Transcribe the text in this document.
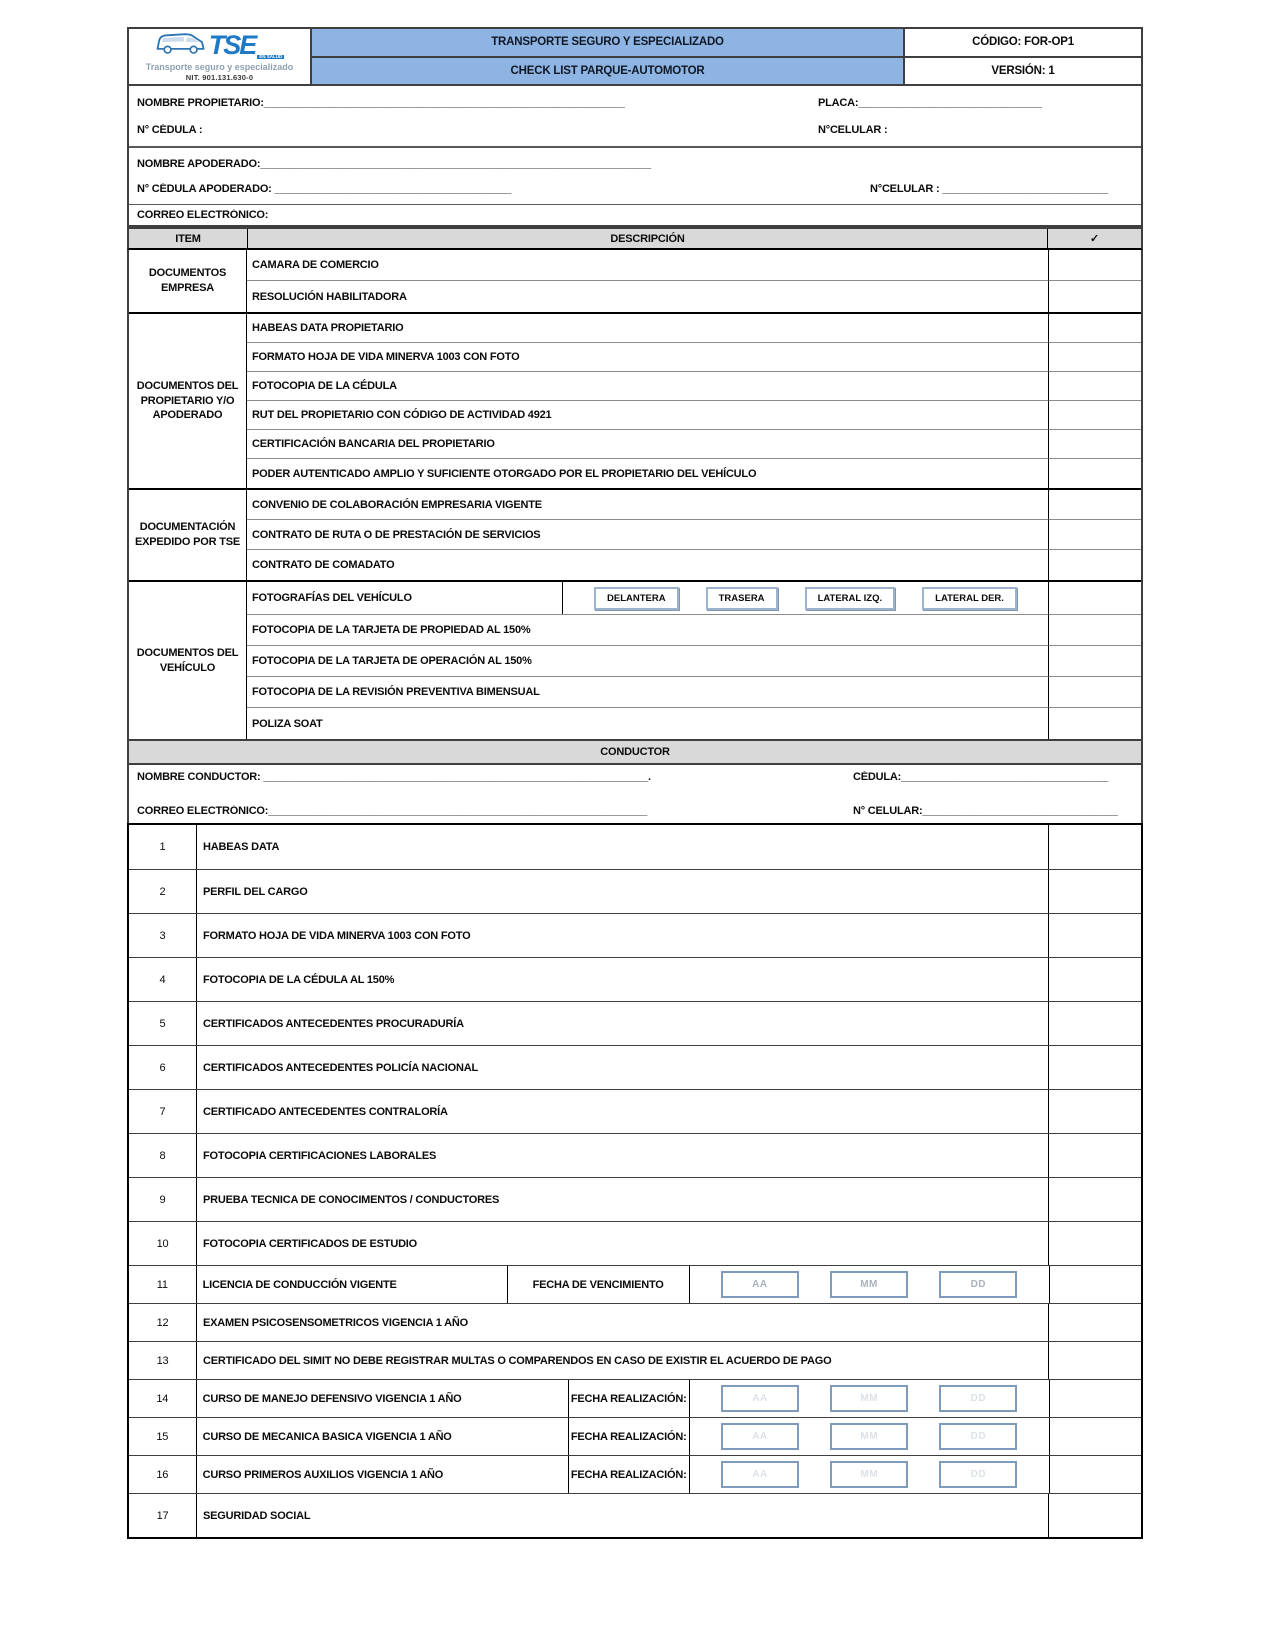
TSE EN SALUD
Transporte seguro y especializado
NIT. 901.131.630-0
TRANSPORTE SEGURO Y ESPECIALIZADO
CHECK LIST PARQUE-AUTOMOTOR
CÓDIGO: FOR-OP1
VERSIÓN: 1
NOMBRE PROPIETARIO:_____________________________________________________________	PLACA:_______________________________
N° CÉDULA :	N°CELULAR :
NOMBRE APODERADO:__________________________________________________________________
N° CÉDULA APODERADO: ________________________________________	N°CELULAR : ____________________________
CORREO ELECTRÓNICO:
ITEM	DESCRIPCIÓN	✓
DOCUMENTOS EMPRESA
CAMARA DE COMERCIO
RESOLUCIÓN HABILITADORA
DOCUMENTOS DEL PROPIETARIO Y/O APODERADO
HABEAS DATA PROPIETARIO
FORMATO HOJA DE VIDA MINERVA 1003 CON FOTO
FOTOCOPIA DE LA CÉDULA
RUT DEL PROPIETARIO CON CÓDIGO DE ACTIVIDAD 4921
CERTIFICACIÓN BANCARIA DEL PROPIETARIO
PODER AUTENTICADO AMPLIO Y SUFICIENTE OTORGADO POR EL PROPIETARIO DEL VEHÍCULO
DOCUMENTACIÓN EXPEDIDO POR TSE
CONVENIO DE COLABORACIÓN EMPRESARIA VIGENTE
CONTRATO DE RUTA O DE PRESTACIÓN DE SERVICIOS
CONTRATO DE COMADATO
DOCUMENTOS DEL VEHÍCULO
FOTOGRAFÍAS DEL VEHÍCULO	DELANTERA	TRASERA	LATERAL IZQ.	LATERAL DER.
FOTOCOPIA DE LA TARJETA DE PROPIEDAD AL 150%
FOTOCOPIA DE LA TARJETA DE OPERACIÓN AL 150%
FOTOCOPIA DE LA REVISIÓN PREVENTIVA BIMENSUAL
POLIZA SOAT
CONDUCTOR
NOMBRE CONDUCTOR: _________________________________________________________________.	CÉDULA:___________________________________
CORREO ELECTRÓNICO:________________________________________________________________	N° CELULAR:_________________________________
1	HABEAS DATA
2	PERFIL DEL CARGO
3	FORMATO HOJA DE VIDA MINERVA 1003 CON FOTO
4	FOTOCOPIA DE LA CÉDULA AL 150%
5	CERTIFICADOS ANTECEDENTES PROCURADURÍA
6	CERTIFICADOS ANTECEDENTES POLICÍA NACIONAL
7	CERTIFICADO ANTECEDENTES CONTRALORÍA
8	FOTOCOPIA CERTIFICACIONES LABORALES
9	PRUEBA TECNICA DE CONOCIMENTOS / CONDUCTORES
10	FOTOCOPIA CERTIFICADOS DE ESTUDIO
11	LICENCIA DE CONDUCCIÓN VIGENTE	FECHA DE VENCIMIENTO	AA	MM	DD
12	EXAMEN PSICOSENSOMETRICOS VIGENCIA 1 AÑO
13	CERTIFICADO DEL SIMIT NO DEBE REGISTRAR MULTAS O COMPARENDOS EN CASO DE EXISTIR EL ACUERDO DE PAGO
14	CURSO DE MANEJO DEFENSIVO VIGENCIA 1 AÑO	FECHA REALIZACIÓN:	AA	MM	DD
15	CURSO DE MECANICA BASICA VIGENCIA 1 AÑO	FECHA REALIZACIÓN:	AA	MM	DD
16	CURSO PRIMEROS AUXILIOS VIGENCIA 1 AÑO	FECHA REALIZACIÓN:	AA	MM	DD
17	SEGURIDAD SOCIAL
